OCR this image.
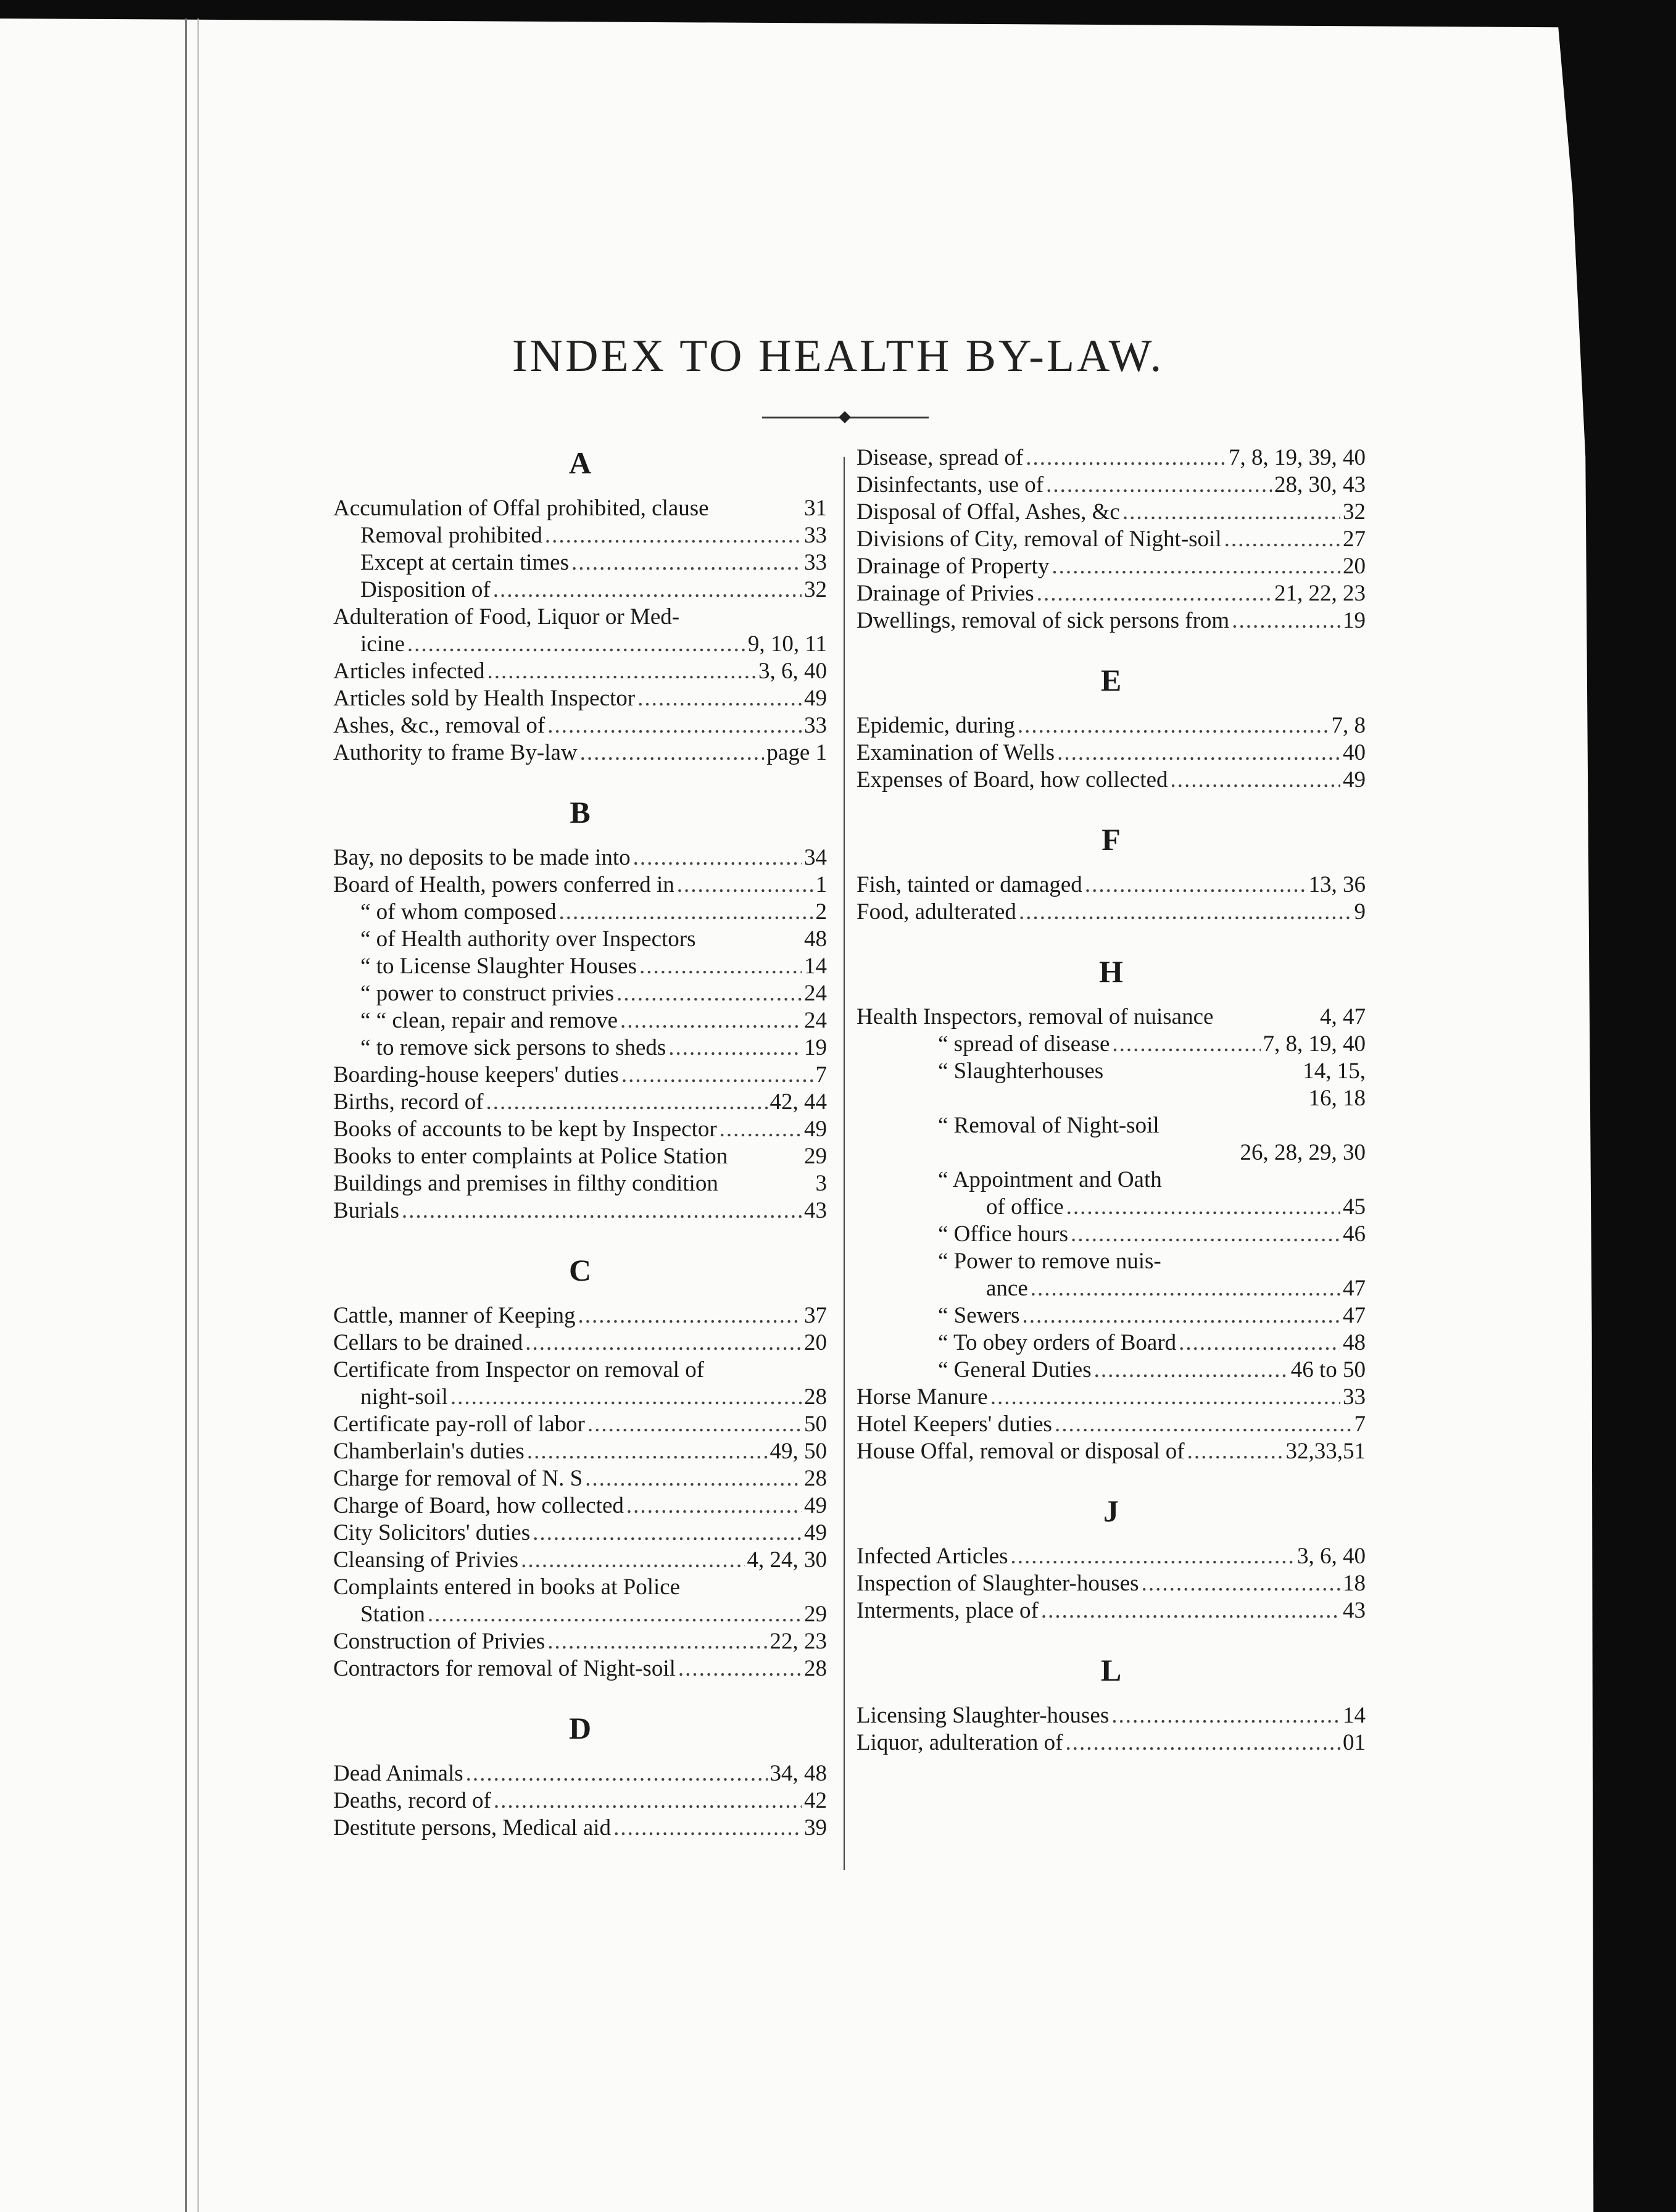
INDEX TO HEALTH BY-LAW.
A
Accumulation of Offal prohibited, clause	31
Removal prohibited .....	33
Except at certain times .....	33
Disposition of .....	32
Adulteration of Food, Liquor or Med-
icine .....	9, 10, 11
Articles infected .....	3, 6, 40
Articles sold by Health Inspector .....	49
Ashes, &c., removal of .....	33
Authority to frame By-law .....	page 1
B
Bay, no deposits to be made into .....	34
Board of Health, powers conferred in .....	1
“ of whom composed .....	2
“ of Health authority over Inspectors	48
“ to License Slaughter Houses .....	14
“ power to construct privies .....	24
“ “ clean, repair and remove .....	24
“ to remove sick persons to sheds .....	19
Boarding-house keepers' duties .....	7
Births, record of .....	42, 44
Books of accounts to be kept by Inspector .....	49
Books to enter complaints at Police Station	29
Buildings and premises in filthy condition	3
Burials .....	43
C
Cattle, manner of Keeping .....	37
Cellars to be drained .....	20
Certificate from Inspector on removal of
night-soil .....	28
Certificate pay-roll of labor .....	50
Chamberlain's duties .....	49, 50
Charge for removal of N. S .....	28
Charge of Board, how collected .....	49
City Solicitors' duties .....	49
Cleansing of Privies .....	4, 24, 30
Complaints entered in books at Police
Station .....	29
Construction of Privies .....	22, 23
Contractors for removal of Night-soil .....	28
D
Dead Animals .....	34, 48
Deaths, record of .....	42
Destitute persons, Medical aid .....	39
Disease, spread of .....	7, 8, 19, 39, 40
Disinfectants, use of .....	28, 30, 43
Disposal of Offal, Ashes, &c .....	32
Divisions of City, removal of Night-soil .....	27
Drainage of Property .....	20
Drainage of Privies .....	21, 22, 23
Dwellings, removal of sick persons from .....	19
E
Epidemic, during .....	7, 8
Examination of Wells .....	40
Expenses of Board, how collected .....	49
F
Fish, tainted or damaged .....	13, 36
Food, adulterated .....	9
H
Health Inspectors, removal of nuisance	4, 47
“ spread of disease .....	7, 8, 19, 40
“ Slaughterhouses	14, 15,
16, 18
“ Removal of Night-soil
26, 28, 29, 30
“ Appointment and Oath
of office .....	45
“ Office hours .....	46
“ Power to remove nuis-
ance .....	47
“ Sewers .....	47
“ To obey orders of Board .....	48
“ General Duties .....	46 to 50
Horse Manure .....	33
Hotel Keepers' duties .....	7
House Offal, removal or disposal of .....	32,33,51
J
Infected Articles .....	3, 6, 40
Inspection of Slaughter-houses .....	18
Interments, place of .....	43
L
Licensing Slaughter-houses .....	14
Liquor, adulteration of .....	01
